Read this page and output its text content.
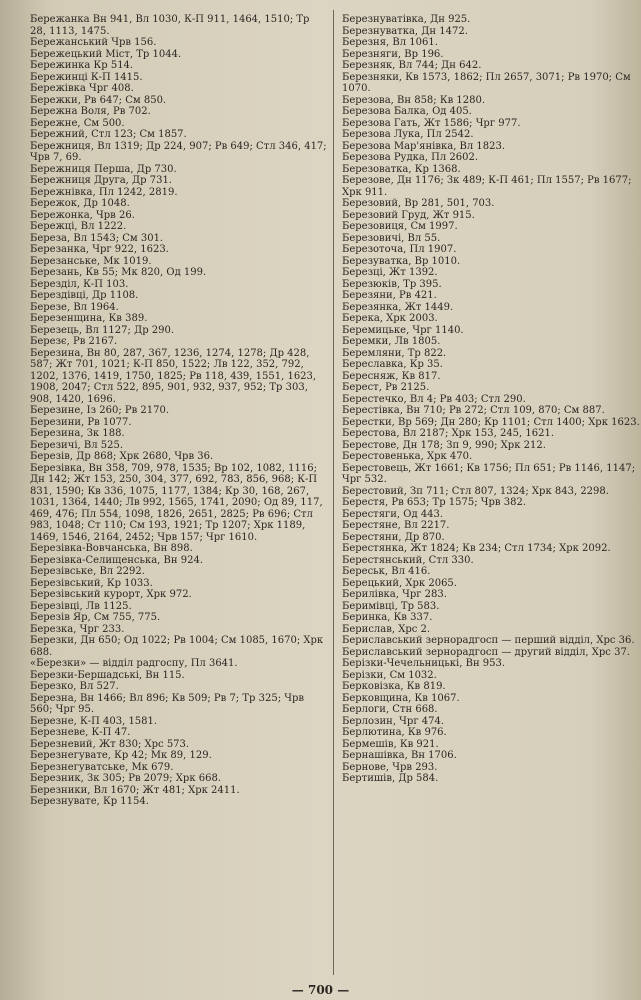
Бережанка Вн 941, Вл 1030, К-П 911, 1464, 1510; Тр 28, 1113, 1475.

Бережанський Чрв 156.

Бережецький Міст, Тр 1044.

Бережинка Кр 514.

Бережинці К-П 1415.

Бережівка Чрг 408.

Бережки, Рв 647; См 850.

Бережна Воля, Рв 702.

Бережне, См 500.

Бережний, Стл 123; См 1857.

Бережниця, Вл 1319; Др 224, 907; Рв 649; Стл 346, 417; Чрв 7, 69.

Бережниця Перша, Др 730.

Бережниця Друга, Др 731.

Бережнівка, Пл 1242, 2819.

Бережок, Др 1048.

Бережонка, Чрв 26.

Бережці, Вл 1222.

Береза, Вл 1543; См 301.

Березанка, Чрг 922, 1623.

Березанське, Мк 1019.

Березань, Кв 55; Мк 820, Од 199.

Березділ, К-П 103.

Берездівці, Др 1108.

Березе, Вл 1964.

Березенщина, Кв 389.

Березець, Вл 1127; Др 290.

Березє, Рв 2167.

Березина, Вн 80, 287, 367, 1236, 1274, 1278; Др 428, 587; Жт 701, 1021; К-П 850, 1522; Лв 122, 352, 792, 1202, 1376, 1419, 1750, 1825; Рв 118, 439, 1551, 1623, 1908, 2047; Стл 522, 895, 901, 932, 937, 952; Тр 303, 908, 1420, 1696.

Березине, Із 260; Рв 2170.

Березини, Рв 1077.

Березина, Зк 188.

Березичі, Вл 525.

Березів, Др 868; Хрк 2680, Чрв 36.

Березівка, Вн 358, 709, 978, 1535; Вр 102, 1082, 1116; Дн 142; Жт 153, 250, 304, 377, 692, 783, 856, 968; К-П 831, 1590; Кв 336, 1075, 1177, 1384; Кр 30, 168, 267, 1031, 1364, 1440; Лв 992, 1565, 1741, 2090; Од 89, 117, 469, 476; Пл 554, 1098, 1826, 2651, 2825; Рв 696; Стл 983, 1048; Ст 110; См 193, 1921; Тр 1207; Хрк 1189, 1469, 1546, 2164, 2452; Чрв 157; Чрг 1610.

Березівка-Вовчанська, Вн 898.

Березівка-Селищенська, Вн 924.

Березівське, Вл 2292.

Березівський, Кр 1033.

Березівський курорт, Хрк 972.

Березівці, Лв 1125.

Березів Яр, См 755, 775.

Березка, Чрг 233.

Березки, Дн 650; Од 1022; Рв 1004; См 1085, 1670; Хрк 688.

«Березки» — відділ радгоспу, Пл 3641.

Березки-Бершадські, Вн 115.

Березко, Вл 527.

Березна, Вн 1466; Вл 896; Кв 509; Рв 7; Тр 325; Чрв 560; Чрг 95.

Березне, К-П 403, 1581.

Березневе, К-П 47.

Березневий, Жт 830; Хрс 573.

Березнегувате, Кр 42; Мк 89, 129.

Березнегуватське, Мк 679.

Березник, Зк 305; Рв 2079; Хрк 668.

Березники, Вл 1670; Жт 481; Хрк 2411.

Березнувате, Кр 1154.

Березнуватівка, Дн 925.

Березнуватка, Дн 1472.

Березня, Вл 1061.

Березняги, Вр 196.

Березняк, Вл 744; Дн 642.

Березняки, Кв 1573, 1862; Пл 2657, 3071; Рв 1970; См 1070.

Березова, Вн 858; Кв 1280.

Березова Балка, Од 405.

Березова Гать, Жт 1586; Чрг 977.

Березова Лука, Пл 2542.

Березова Мар'янівка, Вл 1823.

Березова Рудка, Пл 2602.

Березоватка, Кр 1368.

Березове, Дн 1176; Зк 489; К-П 461; Пл 1557; Рв 1677; Хрк 911.

Березовий, Вр 281, 501, 703.

Березовий Груд, Жт 915.

Березовиця, См 1997.

Березовичі, Вл 55.

Березоточа, Пл 1907.

Березуватка, Вр 1010.

Березці, Жт 1392.

Березюків, Тр 395.

Березяни, Рв 421.

Березянка, Жт 1449.

Берека, Хрк 2003.

Беремицьке, Чрг 1140.

Беремки, Лв 1805.

Беремляни, Тр 822.

Береславка, Кр 35.

Бересняж, Кв 817.

Берест, Рв 2125.

Берестечко, Вл 4; Рв 403; Стл 290.

Берестівка, Вн 710; Рв 272; Стл 109, 870; См 887.

Берестки, Вр 569; Дн 280; Кр 1101; Стл 1400; Хрк 1623.

Берестова, Вл 2187; Хрк 153, 245, 1621.

Берестове, Дн 178; Зп 9, 990; Хрк 212.

Берестовенька, Хрк 470.

Берестовець, Жт 1661; Кв 1756; Пл 651; Рв 1146, 1147; Чрг 532.

Берестовий, Зп 711; Стл 807, 1324; Хрк 843, 2298.

Берестя, Рв 653; Тр 1575; Чрв 382.

Берестяги, Од 443.

Берестяне, Вл 2217.

Берестяни, Др 870.

Берестянка, Жт 1824; Кв 234; Стл 1734; Хрк 2092.

Берестянський, Стл 330.

Береськ, Вл 416.

Берецький, Хрк 2065.

Берилівка, Чрг 283.

Беримівці, Тр 583.

Беринка, Кв 337.

Берислав, Хрс 2.

Бериславський зернорадгосп — перший відділ, Хрс 36.

Бериславський зернорадгосп — другий відділ, Хрс 37.

Берізки-Чечельницькі, Вн 953.

Берізки, См 1032.

Берковізка, Кв 819.

Берковщина, Кв 1067.

Берлоги, Стн 668.

Берлозин, Чрг 474.

Берлютина, Кв 976.

Бермешів, Кв 921.

Бернашівка, Вн 1706.

Бернове, Чрв 293.

Бертишів, Др 584.

— 700 —
